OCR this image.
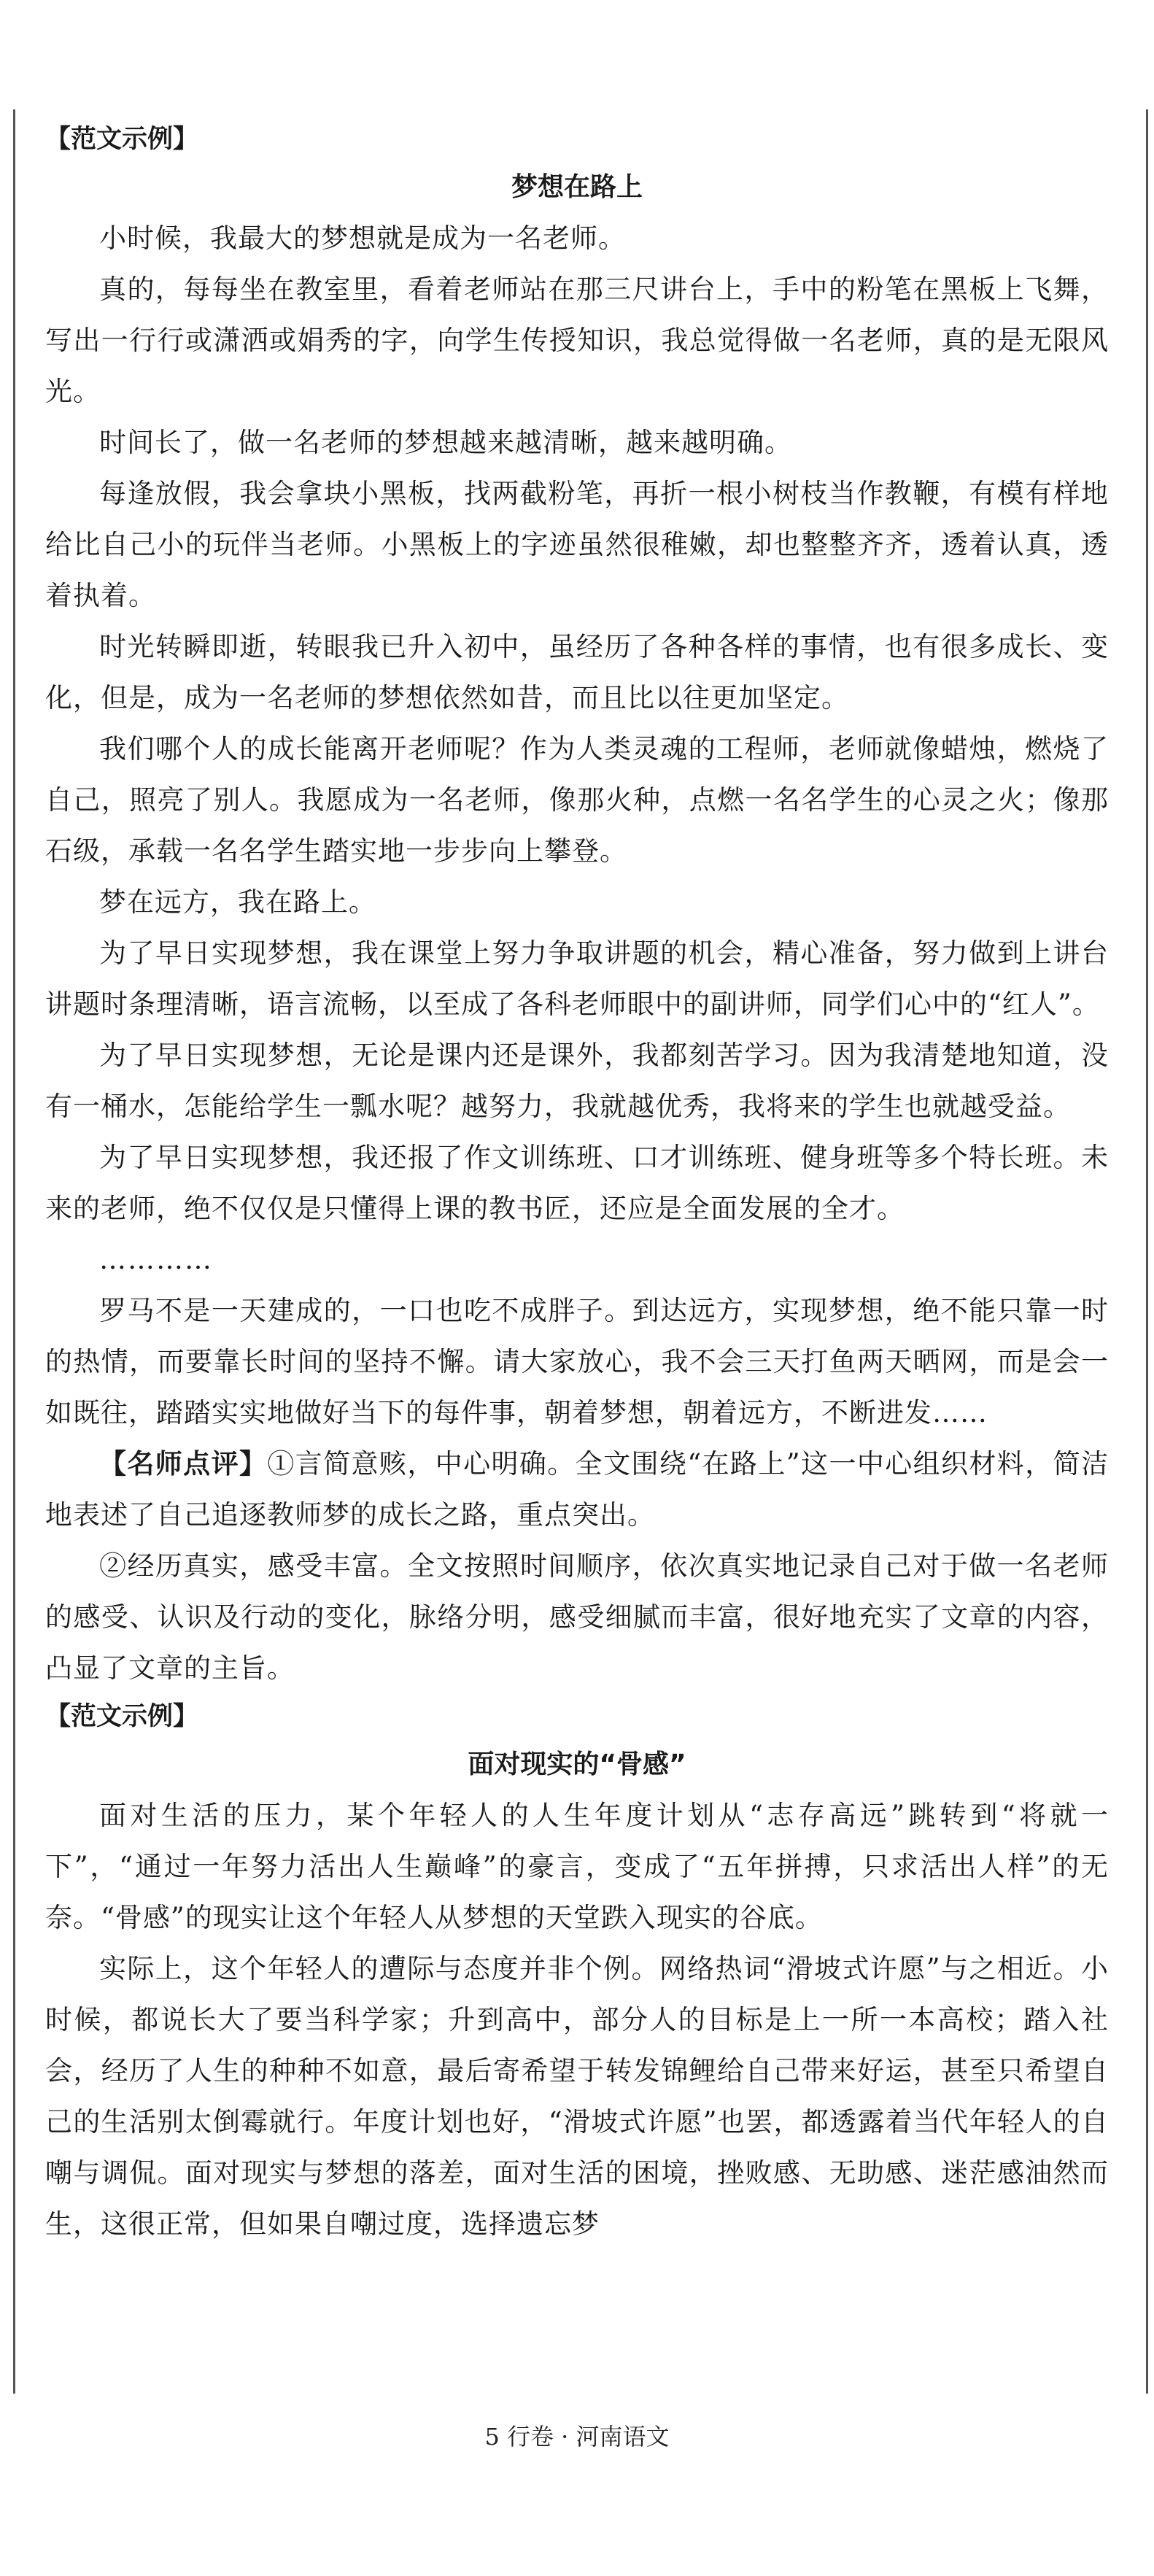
【范文示例】
梦想在路上

小时候，我最大的梦想就是成为一名老师。

真的，每每坐在教室里，看着老师站在那三尺讲台上，手中的粉笔在黑板上飞舞，写出一行行或潇洒或娟秀的字，向学生传授知识，我总觉得做一名老师，真的是无限风光。

时间长了，做一名老师的梦想越来越清晰，越来越明确。

每逢放假，我会拿块小黑板，找两截粉笔，再折一根小树枝当作教鞭，有模有样地给比自己小的玩伴当老师。小黑板上的字迹虽然很稚嫩，却也整整齐齐，透着认真，透着执着。

时光转瞬即逝，转眼我已升入初中，虽经历了各种各样的事情，也有很多成长、变化，但是，成为一名老师的梦想依然如昔，而且比以往更加坚定。

我们哪个人的成长能离开老师呢？作为人类灵魂的工程师，老师就像蜡烛，燃烧了自己，照亮了别人。我愿成为一名老师，像那火种，点燃一名名学生的心灵之火；像那石级，承载一名名学生踏实地一步步向上攀登。

梦在远方，我在路上。

为了早日实现梦想，我在课堂上努力争取讲题的机会，精心准备，努力做到上讲台讲题时条理清晰，语言流畅，以至成了各科老师眼中的副讲师，同学们心中的“红人”。

为了早日实现梦想，无论是课内还是课外，我都刻苦学习。因为我清楚地知道，没有一桶水，怎能给学生一瓢水呢？越努力，我就越优秀，我将来的学生也就越受益。

为了早日实现梦想，我还报了作文训练班、口才训练班、健身班等多个特长班。未来的老师，绝不仅仅是只懂得上课的教书匠，还应是全面发展的全才。

…………

罗马不是一天建成的，一口也吃不成胖子。到达远方，实现梦想，绝不能只靠一时的热情，而要靠长时间的坚持不懈。请大家放心，我不会三天打鱼两天晒网，而是会一如既往，踏踏实实地做好当下的每件事，朝着梦想，朝着远方，不断进发……

【名师点评】①言简意赅，中心明确。全文围绕“在路上”这一中心组织材料，简洁地表述了自己追逐教师梦的成长之路，重点突出。

②经历真实，感受丰富。全文按照时间顺序，依次真实地记录自己对于做一名老师的感受、认识及行动的变化，脉络分明，感受细腻而丰富，很好地充实了文章的内容，凸显了文章的主旨。

【范文示例】
面对现实的“骨感”

面对生活的压力，某个年轻人的人生年度计划从“志存高远”跳转到“将就一下”，“通过一年努力活出人生巅峰”的豪言，变成了“五年拼搏，只求活出人样”的无奈。“骨感”的现实让这个年轻人从梦想的天堂跌入现实的谷底。

实际上，这个年轻人的遭际与态度并非个例。网络热词“滑坡式许愿”与之相近。小时候，都说长大了要当科学家；升到高中，部分人的目标是上一所一本高校；踏入社会，经历了人生的种种不如意，最后寄希望于转发锦鲤给自己带来好运，甚至只希望自己的生活别太倒霉就行。年度计划也好，“滑坡式许愿”也罢，都透露着当代年轻人的自嘲与调侃。面对现实与梦想的落差，面对生活的困境，挫败感、无助感、迷茫感油然而生，这很正常，但如果自嘲过度，选择遗忘梦

5 行卷 · 河南语文
